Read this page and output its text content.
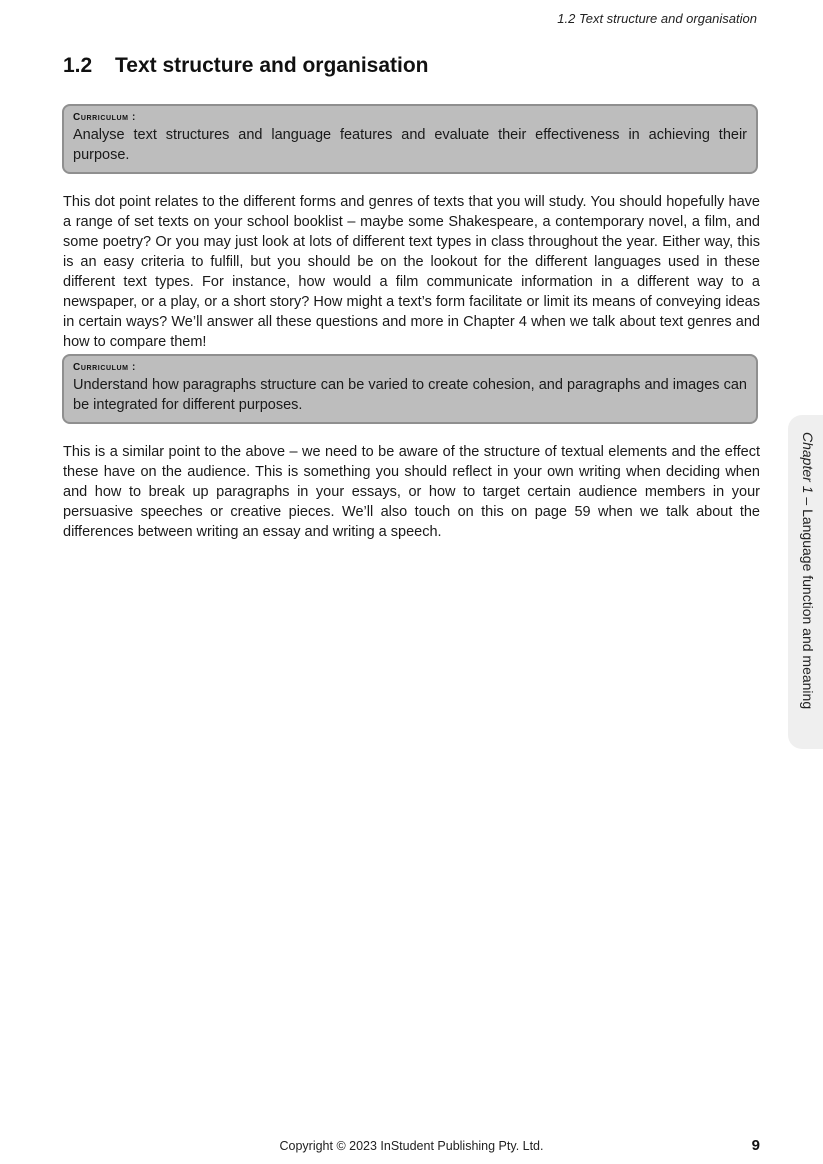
1.2 Text structure and organisation
1.2 Text structure and organisation
Curriculum :
Analyse text structures and language features and evaluate their effectiveness in achieving their purpose.

This dot point relates to the different forms and genres of texts that you will study. You should hopefully have a range of set texts on your school booklist – maybe some Shakespeare, a contemporary novel, a film, and some poetry? Or you may just look at lots of different text types in class throughout the year. Either way, this is an easy criteria to fulfill, but you should be on the lookout for the different languages used in these different text types. For instance, how would a film communicate information in a different way to a newspaper, or a play, or a short story? How might a text’s form facilitate or limit its means of conveying ideas in certain ways? We’ll answer all these questions and more in Chapter 4 when we talk about text genres and how to compare them!

Curriculum :
Understand how paragraphs structure can be varied to create cohesion, and paragraphs and images can be integrated for different purposes.

This is a similar point to the above – we need to be aware of the structure of textual elements and the effect these have on the audience. This is something you should reflect in your own writing when deciding when and how to break up paragraphs in your essays, or how to target certain audience members in your persuasive speeches or creative pieces. We’ll also touch on this on page 59 when we talk about the differences between writing an essay and writing a speech.

Chapter 1 – Language function and meaning
Copyright © 2023 InStudent Publishing Pty. Ltd.	9
